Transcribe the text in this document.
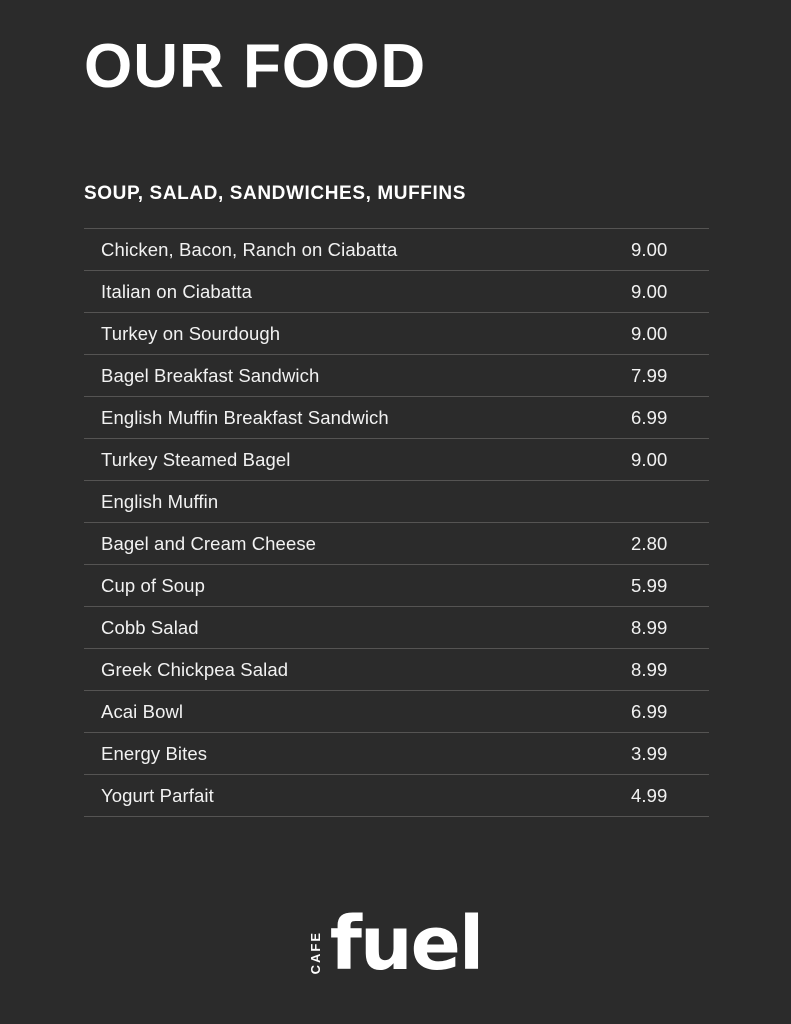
OUR FOOD
SOUP, SALAD, SANDWICHES, MUFFINS
Chicken, Bacon, Ranch on Ciabatta	9.00
Italian on Ciabatta	9.00
Turkey on Sourdough	9.00
Bagel Breakfast Sandwich	7.99
English Muffin Breakfast Sandwich	6.99
Turkey Steamed Bagel	9.00
English Muffin
Bagel and Cream Cheese	2.80
Cup of Soup	5.99
Cobb Salad	8.99
Greek Chickpea Salad	8.99
Acai Bowl	6.99
Energy Bites	3.99
Yogurt Parfait	4.99
CAFE fuel
